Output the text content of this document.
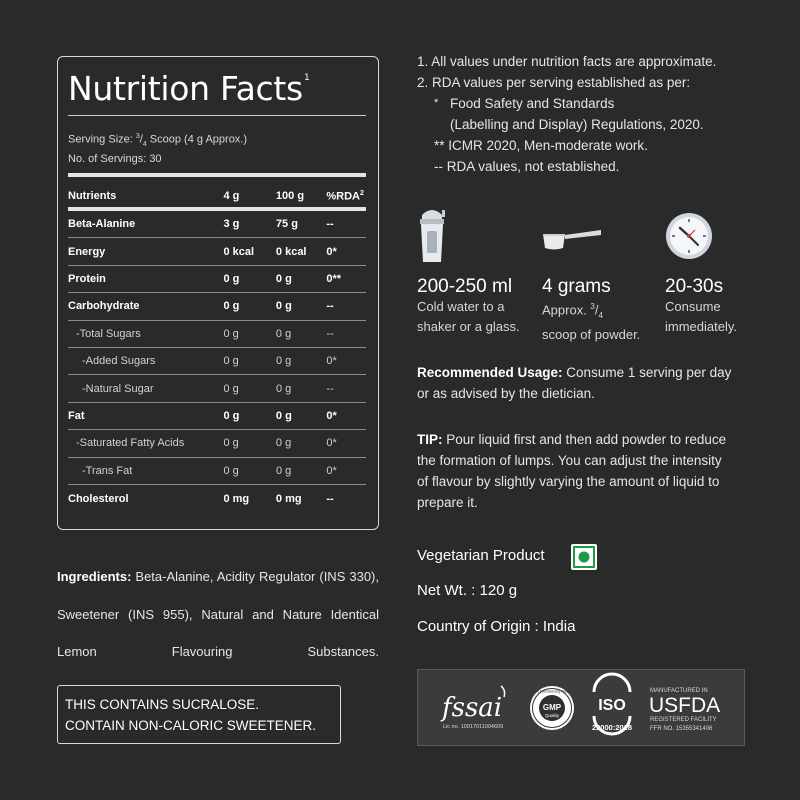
Nutrition Facts$^1$
Serving Size: $^3/_4$ Scoop (4 g Approx.)
No. of Servings: 30
Nutrients	4 g	100 g	%RDA$^2$
Beta-Alanine	3 g	75 g	--
Energy	0 kcal	0 kcal	0*
Protein	0 g	0 g	0**
Carbohydrate	0 g	0 g	--
-Total Sugars	0 g	0 g	--
-Added Sugars	0 g	0 g	0*
-Natural Sugar	0 g	0 g	--
Fat	0 g	0 g	0*
-Saturated Fatty Acids	0 g	0 g	0*
-Trans Fat	0 g	0 g	0*
Cholesterol	0 mg	0 mg	--
Ingredients: Beta-Alanine, Acidity Regulator (INS 330), Sweetener (INS 955), Natural and Nature Identical Lemon Flavouring Substances.
THIS CONTAINS SUCRALOSE.
CONTAIN NON-CALORIC SWEETENER.
1. All values under nutrition facts are approximate.
2. RDA values per serving established as per:
* Food Safety and Standards
(Labelling and Display) Regulations, 2020.
** ICMR 2020, Men-moderate work.
-- RDA values, not established.
200-250 ml
Cold water to a
shaker or a glass.
4 grams
Approx. $^3/_4$
scoop of powder.
20-30s
Consume
immediately.
Recommended Usage: Consume 1 serving per day
or as advised by the dietician.
TIP: Pour liquid first and then add powder to reduce
the formation of lumps. You can adjust the intensity
of flavour by slightly varying the amount of liquid to
prepare it.
Vegetarian Product
Net Wt. : 120 g
Country of Origin : India
fssai
Lic no. 10017011004609
GMP
Quality
Good Manufacturing Practice
ISO
22000:2018
MANUFACTURED IN
USFDA
REGISTERED FACILITY
FFR NO. 15355341406
